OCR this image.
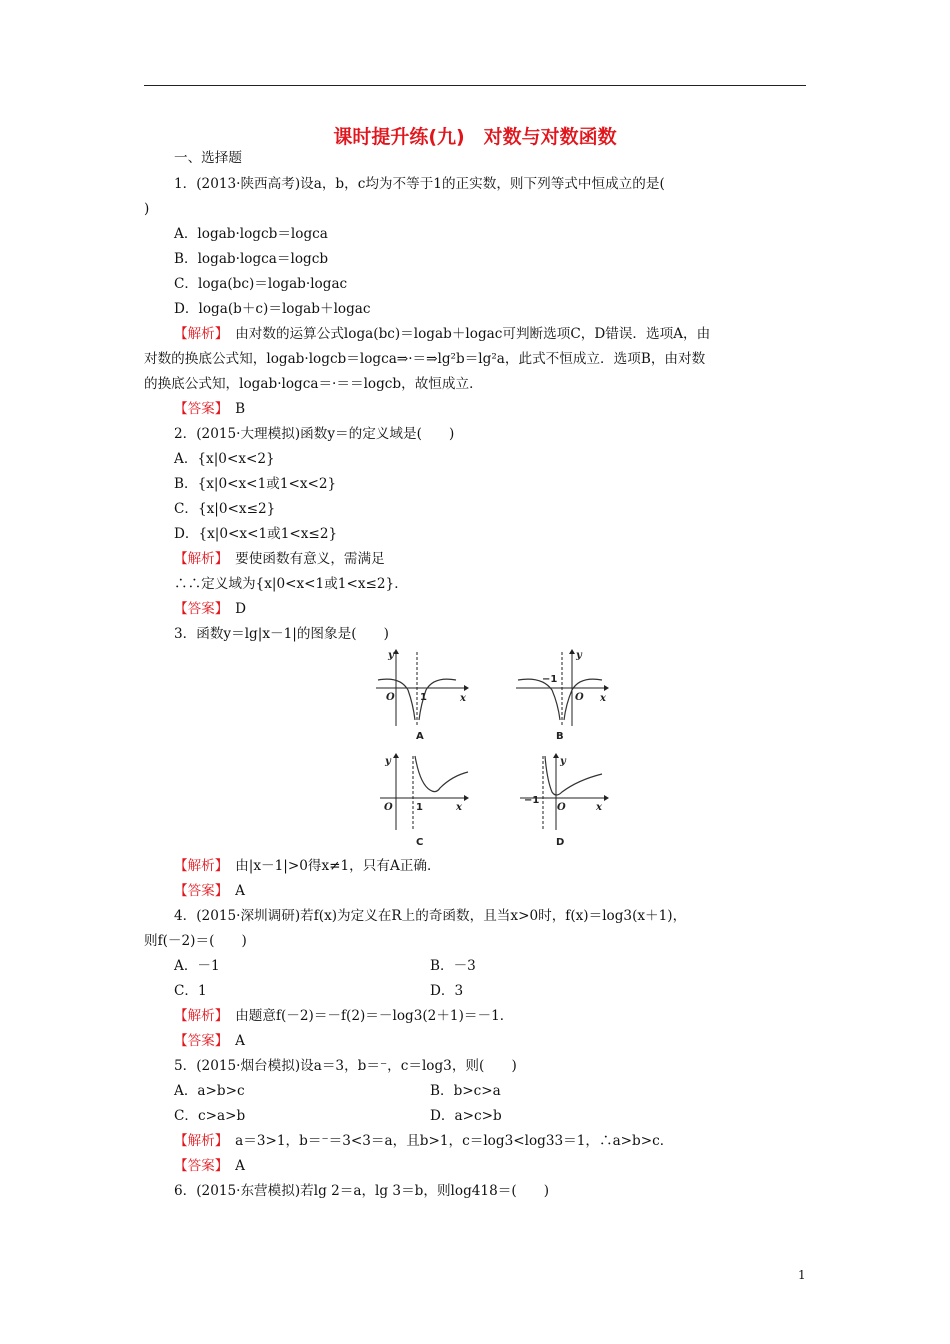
课时提升练(九)　对数与对数函数
一、选择题
1．(2013·陕西高考)设a，b，c均为不等于1的正实数，则下列等式中恒成立的是(
)
A．logab·logcb＝logca
B．logab·logca＝logcb
C．loga(bc)＝logab·logac
D．loga(b＋c)＝logab＋logac
【解析】　由对数的运算公式loga(bc)＝logab＋logac可判断选项C，D错误．选项A，由
对数的换底公式知，logab·logcb＝logca⇒·＝⇒lg²b＝lg²a，此式不恒成立．选项B，由对数
的换底公式知，logab·logca＝·＝＝logcb，故恒成立．
【答案】　B
2．(2015·大理模拟)函数y＝的定义域是(　　)
A．{x|0<x<2}
B．{x|0<x<1或1<x<2}
C．{x|0<x≤2}
D．{x|0<x<1或1<x≤2}
【解析】　要使函数有意义，需满足
∴∴定义域为{x|0<x<1或1<x≤2}．
【答案】　D
3．函数y＝lg|x－1|的图象是(　　)
y
x
O	1
A
y
x
O
−1
B
y
x
O 1
C
y
x
O
−1
D
【解析】　由|x－1|>0得x≠1，只有A正确．
【答案】　A
4．(2015·深圳调研)若f(x)为定义在R上的奇函数，且当x>0时，f(x)＝log3(x＋1)，
则f(－2)＝(　　)
A．－1	B．－3
C．1	D．3
【解析】　由题意f(－2)＝－f(2)＝－log3(2＋1)＝－1．
【答案】　A
5．(2015·烟台模拟)设a＝3，b＝⁻，c＝log3，则(　　)
A．a>b>c	B．b>c>a
C．c>a>b	D．a>c>b
【解析】　a＝3>1，b＝⁻＝3<3＝a，且b>1，c＝log3<log33＝1，∴a>b>c．
【答案】　A
6．(2015·东营模拟)若lg 2＝a，lg 3＝b，则log418＝(　　)
1
